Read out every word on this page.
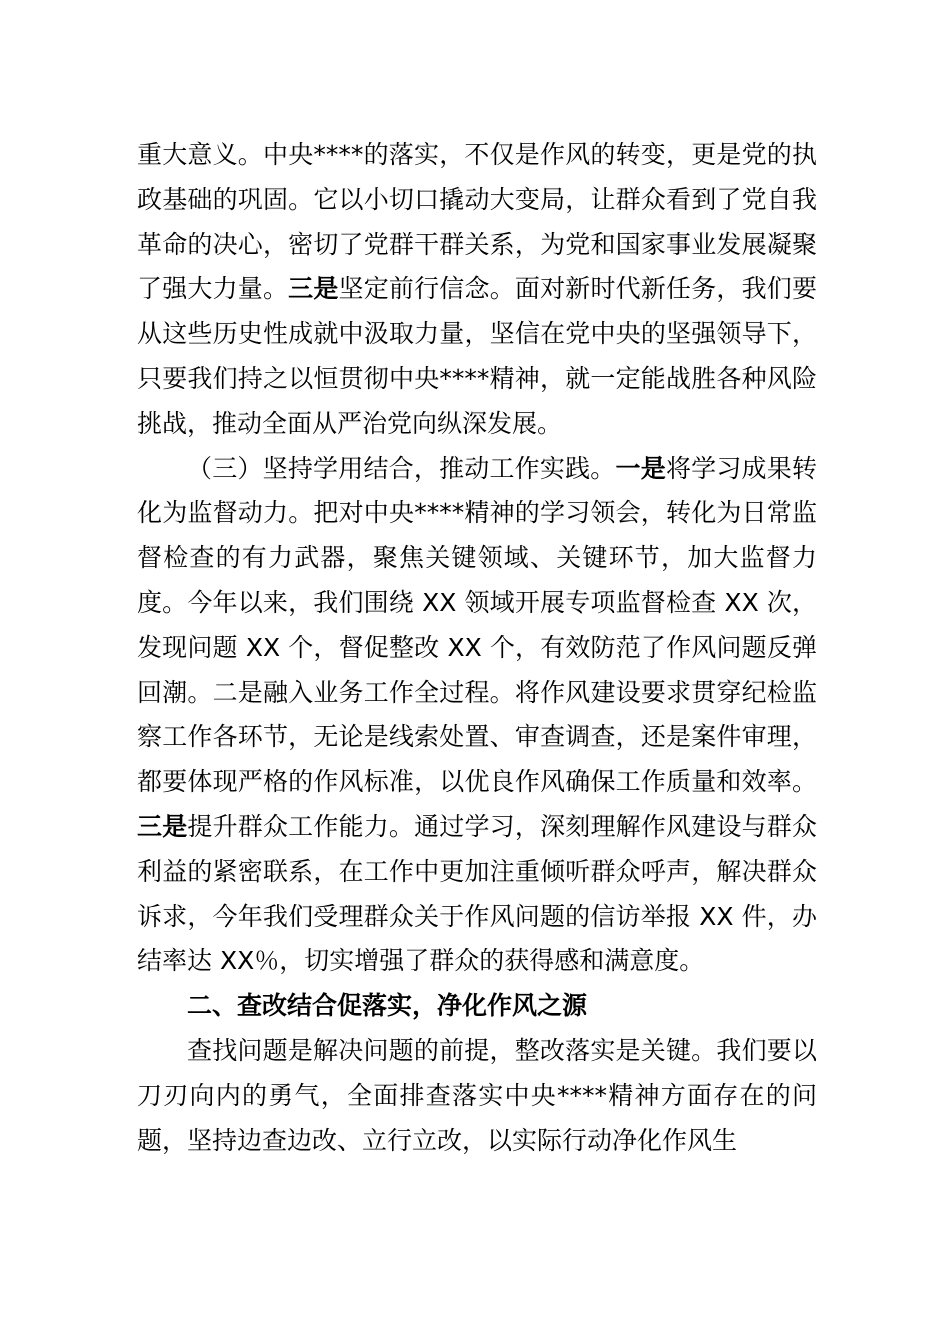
重大意义。中央****的落实，不仅是作风的转变，更是党的执政基础的巩固。它以小切口撬动大变局，让群众看到了党自我革命的决心，密切了党群干群关系，为党和国家事业发展凝聚了强大力量。三是坚定前行信念。面对新时代新任务，我们要从这些历史性成就中汲取力量，坚信在党中央的坚强领导下，只要我们持之以恒贯彻中央****精神，就一定能战胜各种风险挑战，推动全面从严治党向纵深发展。

（三）坚持学用结合，推动工作实践。一是将学习成果转化为监督动力。把对中央****精神的学习领会，转化为日常监督检查的有力武器，聚焦关键领域、关键环节，加大监督力度。今年以来，我们围绕 XX 领域开展专项监督检查 XX 次，发现问题 XX 个，督促整改 XX 个，有效防范了作风问题反弹回潮。二是融入业务工作全过程。将作风建设要求贯穿纪检监察工作各环节，无论是线索处置、审查调查，还是案件审理，都要体现严格的作风标准，以优良作风确保工作质量和效率。三是提升群众工作能力。通过学习，深刻理解作风建设与群众利益的紧密联系，在工作中更加注重倾听群众呼声，解决群众诉求，今年我们受理群众关于作风问题的信访举报 XX 件，办结率达 XX％，切实增强了群众的获得感和满意度。

二、查改结合促落实，净化作风之源

查找问题是解决问题的前提，整改落实是关键。我们要以刀刃向内的勇气，全面排查落实中央****精神方面存在的问题，坚持边查边改、立行立改，以实际行动净化作风生
